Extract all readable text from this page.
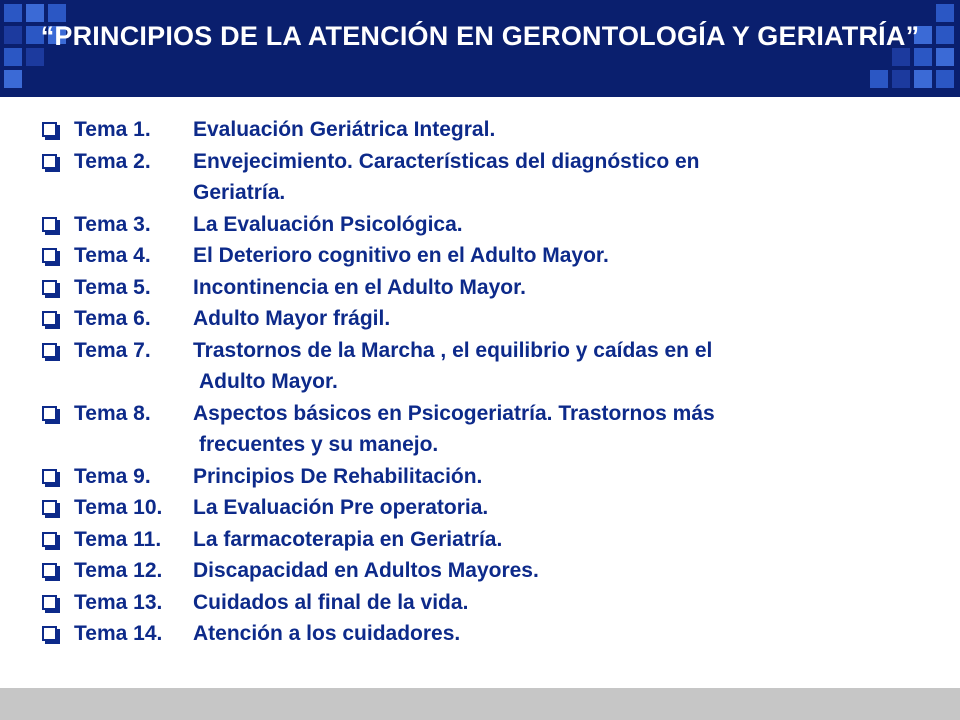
“PRINCIPIOS DE LA ATENCIÓN EN GERONTOLOGÍA Y GERIATRÍA”
Tema 1. Evaluación Geriátrica Integral.
Tema 2. Envejecimiento. Características del diagnóstico en
Geriatría.
Tema 3. La Evaluación Psicológica.
Tema 4. El Deterioro cognitivo en el Adulto Mayor.
Tema 5. Incontinencia en el Adulto Mayor.
Tema 6. Adulto Mayor frágil.
Tema 7. Trastornos de la Marcha , el equilibrio y caídas en el
Adulto Mayor.
Tema 8. Aspectos básicos en Psicogeriatría. Trastornos más
frecuentes y su manejo.
Tema 9. Principios De Rehabilitación.
Tema 10. La Evaluación Pre operatoria.
Tema 11. La farmacoterapia en Geriatría.
Tema 12. Discapacidad en Adultos Mayores.
Tema 13. Cuidados al final de la vida.
Tema 14. Atención a los cuidadores.
